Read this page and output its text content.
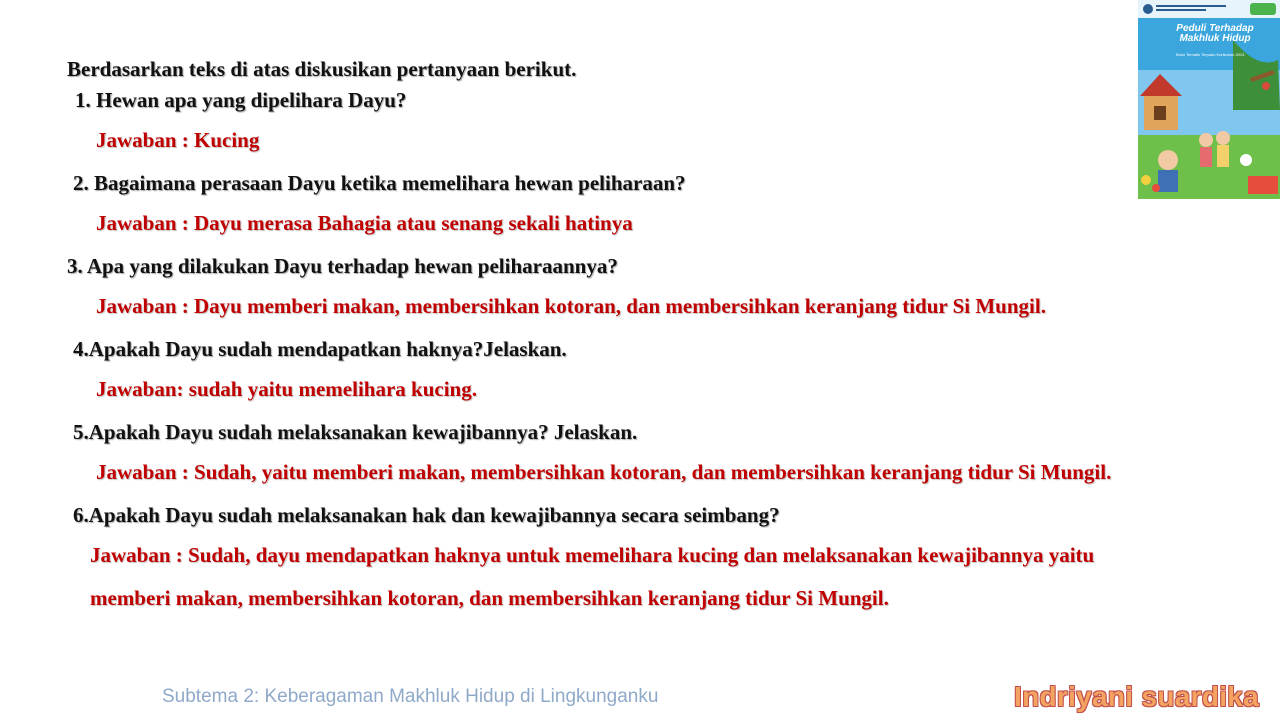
Berdasarkan teks di atas diskusikan pertanyaan berikut.
1. Hewan apa yang dipelihara Dayu?
Jawaban : Kucing
2. Bagaimana perasaan Dayu ketika memelihara hewan peliharaan?
Jawaban : Dayu merasa Bahagia atau senang sekali hatinya
3. Apa yang dilakukan Dayu terhadap hewan peliharaannya?
Jawaban : Dayu memberi makan, membersihkan kotoran, dan membersihkan keranjang tidur Si Mungil.
4.Apakah Dayu sudah mendapatkan haknya?Jelaskan.
Jawaban: sudah yaitu memelihara kucing.
5.Apakah Dayu sudah melaksanakan kewajibannya? Jelaskan.
Jawaban : Sudah, yaitu memberi makan, membersihkan kotoran, dan membersihkan keranjang tidur Si Mungil.
6.Apakah Dayu sudah melaksanakan hak dan kewajibannya secara seimbang?
Jawaban : Sudah, dayu mendapatkan haknya untuk memelihara kucing dan melaksanakan kewajibannya yaitu
memberi makan, membersihkan kotoran, dan membersihkan keranjang tidur Si Mungil.
Subtema 2: Keberagaman Makhluk Hidup di Lingkunganku	Indriyani suardika
Peduli Terhadap Makhluk Hidup
Buku Tematik Terpadu Kurikulum 2013
